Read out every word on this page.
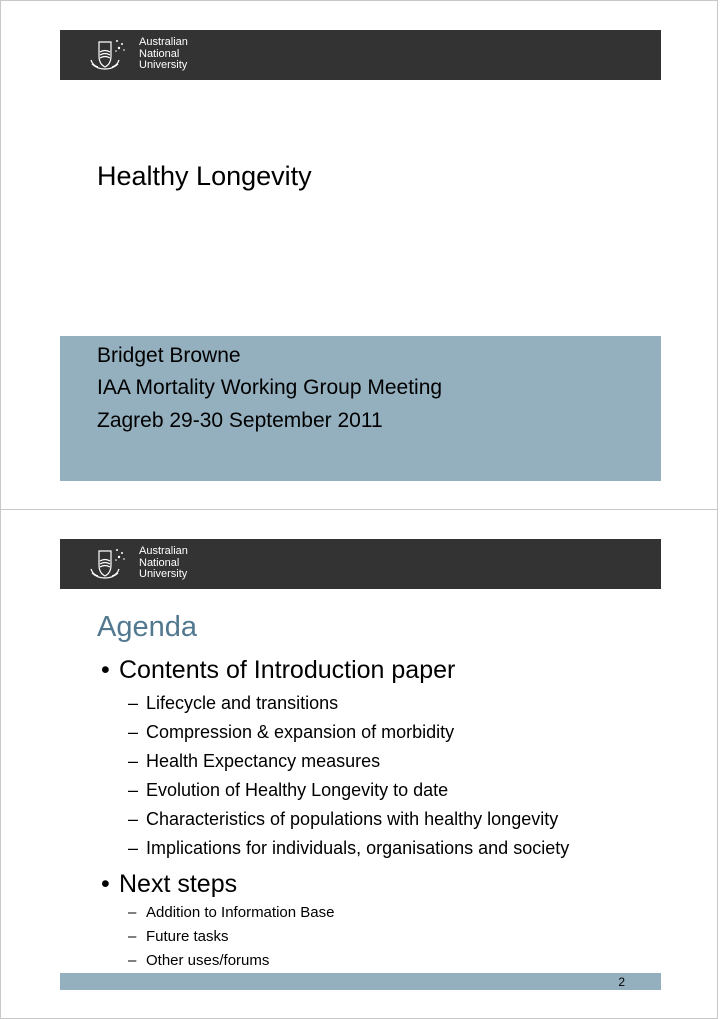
Australian
National
University
Healthy Longevity
Bridget Browne
IAA Mortality Working Group Meeting
Zagreb 29-30 September 2011
Australian
National
University
Agenda
• Contents of Introduction paper
– Lifecycle and transitions
– Compression & expansion of morbidity
– Health Expectancy measures
– Evolution of Healthy Longevity to date
– Characteristics of populations with healthy longevity
– Implications for individuals, organisations and society
• Next steps
– Addition to Information Base
– Future tasks
– Other uses/forums
2
